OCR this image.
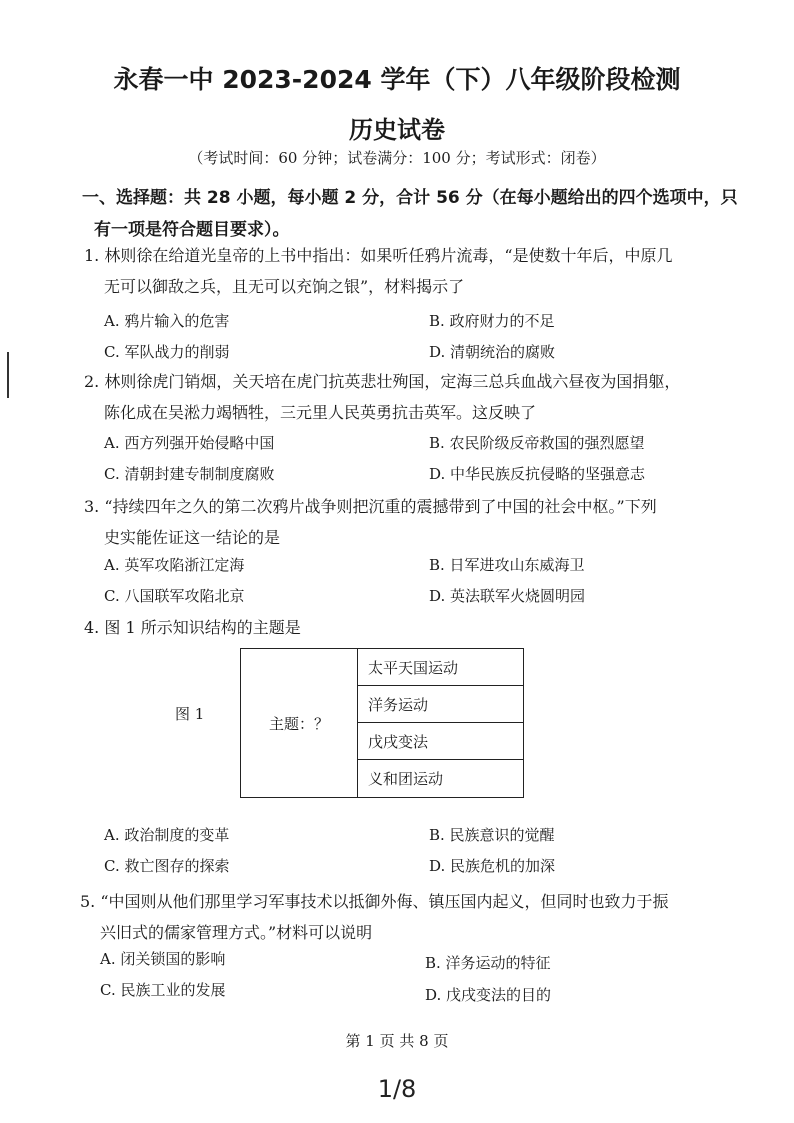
永春一中 2023-2024 学年（下）八年级阶段检测
历史试卷
（考试时间：60 分钟；试卷满分：100 分；考试形式：闭卷）
一、选择题：共 28 小题，每小题 2 分，合计 56 分（在每小题给出的四个选项中，只
有一项是符合题目要求）。
1. 林则徐在给道光皇帝的上书中指出：如果听任鸦片流毒，“是使数十年后，中原几
无可以御敌之兵，且无可以充饷之银”，材料揭示了
A. 鸦片输入的危害	B. 政府财力的不足
C. 军队战力的削弱	D. 清朝统治的腐败
2. 林则徐虎门销烟，关天培在虎门抗英悲壮殉国，定海三总兵血战六昼夜为国捐躯，
陈化成在吴淞力竭牺牲，三元里人民英勇抗击英军。这反映了
A. 西方列强开始侵略中国	B. 农民阶级反帝救国的强烈愿望
C. 清朝封建专制制度腐败	D. 中华民族反抗侵略的坚强意志
3. “持续四年之久的第二次鸦片战争则把沉重的震撼带到了中国的社会中枢。”下列
史实能佐证这一结论的是
A. 英军攻陷浙江定海	B. 日军进攻山东威海卫
C. 八国联军攻陷北京	D. 英法联军火烧圆明园
4. 图 1 所示知识结构的主题是
图 1
主题：？
太平天国运动
洋务运动
戊戌变法
义和团运动
A. 政治制度的变革	B. 民族意识的觉醒
C. 救亡图存的探索	D. 民族危机的加深
5. “中国则从他们那里学习军事技术以抵御外侮、镇压国内起义，但同时也致力于振
兴旧式的儒家管理方式。”材料可以说明
A. 闭关锁国的影响	B. 洋务运动的特征
C. 民族工业的发展	D. 戊戌变法的目的
第 1 页 共 8 页
1/8
